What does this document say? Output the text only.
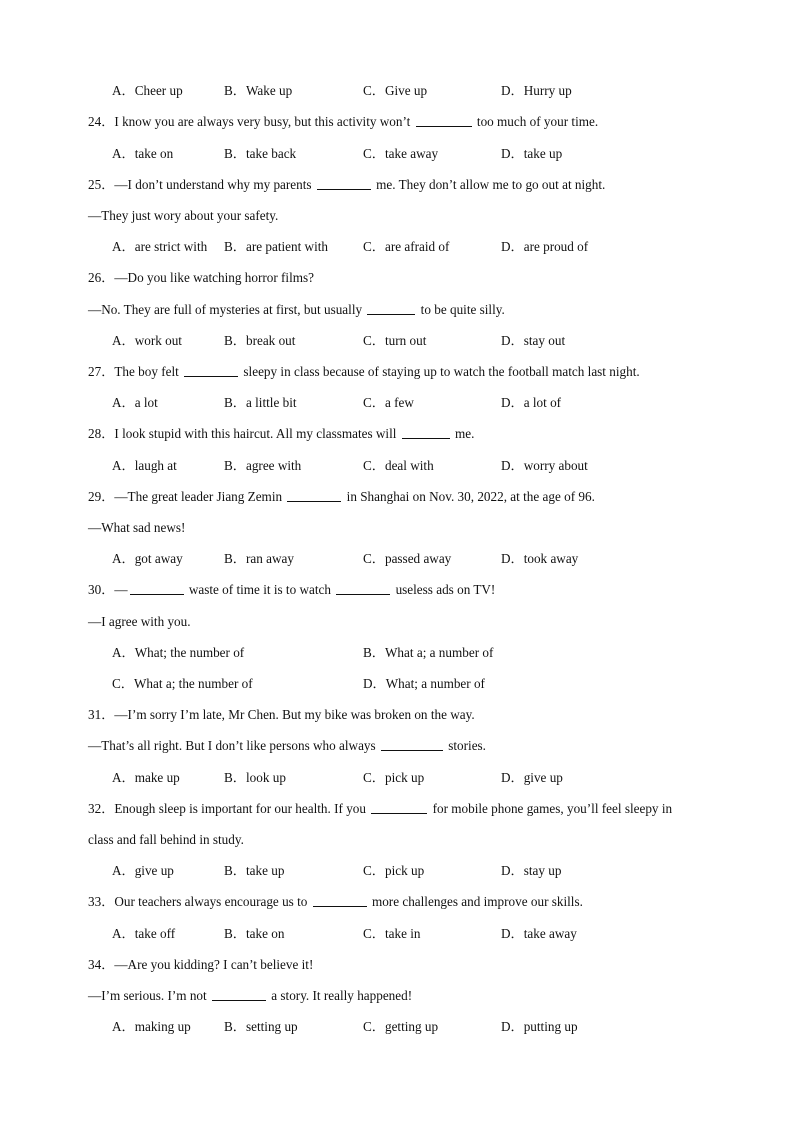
A．Cheer up	B．Wake up	C．Give up	D．Hurry up
24．I know you are always very busy, but this activity won’t	too much of your time.
A．take on	B．take back	C．take away	D．take up
25．—I don’t understand why my parents	me. They don’t allow me to go out at night.
—They just wory about your safety.
A．are strict with B．are patient with	C．are afraid of	D．are proud of
26．—Do you like watching horror films?
—No. They are full of mysteries at first, but usually	to be quite silly.
A．work out	B．break out	C．turn out	D．stay out
27．The boy felt	sleepy in class because of staying up to watch the football match last night.
A．a lot	B．a little bit	C．a few	D．a lot of
28．I look stupid with this haircut. All my classmates will	me.
A．laugh at	B．agree with	C．deal with	D．worry about
29．—The great leader Jiang Zemin	in Shanghai on Nov. 30, 2022, at the age of 96.
—What sad news!
A．got away	B．ran away	C．passed away	D．took away
30．—	waste of time it is to watch	useless ads on TV!
—I agree with you.
A．What; the number of	B．What a; a number of
C．What a; the number of	D．What; a number of
31．—I’m sorry I’m late, Mr Chen. But my bike was broken on the way.
—That’s all right. But I don’t like persons who always	stories.
A．make up	B．look up	C．pick up	D．give up
32．Enough sleep is important for our health. If you	for mobile phone games, you’ll feel sleepy in
class and fall behind in study.
A．give up	B．take up	C．pick up	D．stay up
33．Our teachers always encourage us to	more challenges and improve our skills.
A．take off	B．take on	C．take in	D．take away
34．—Are you kidding? I can’t believe it!
—I’m serious. I’m not	a story. It really happened!
A．making up	B．setting up	C．getting up	D．putting up
